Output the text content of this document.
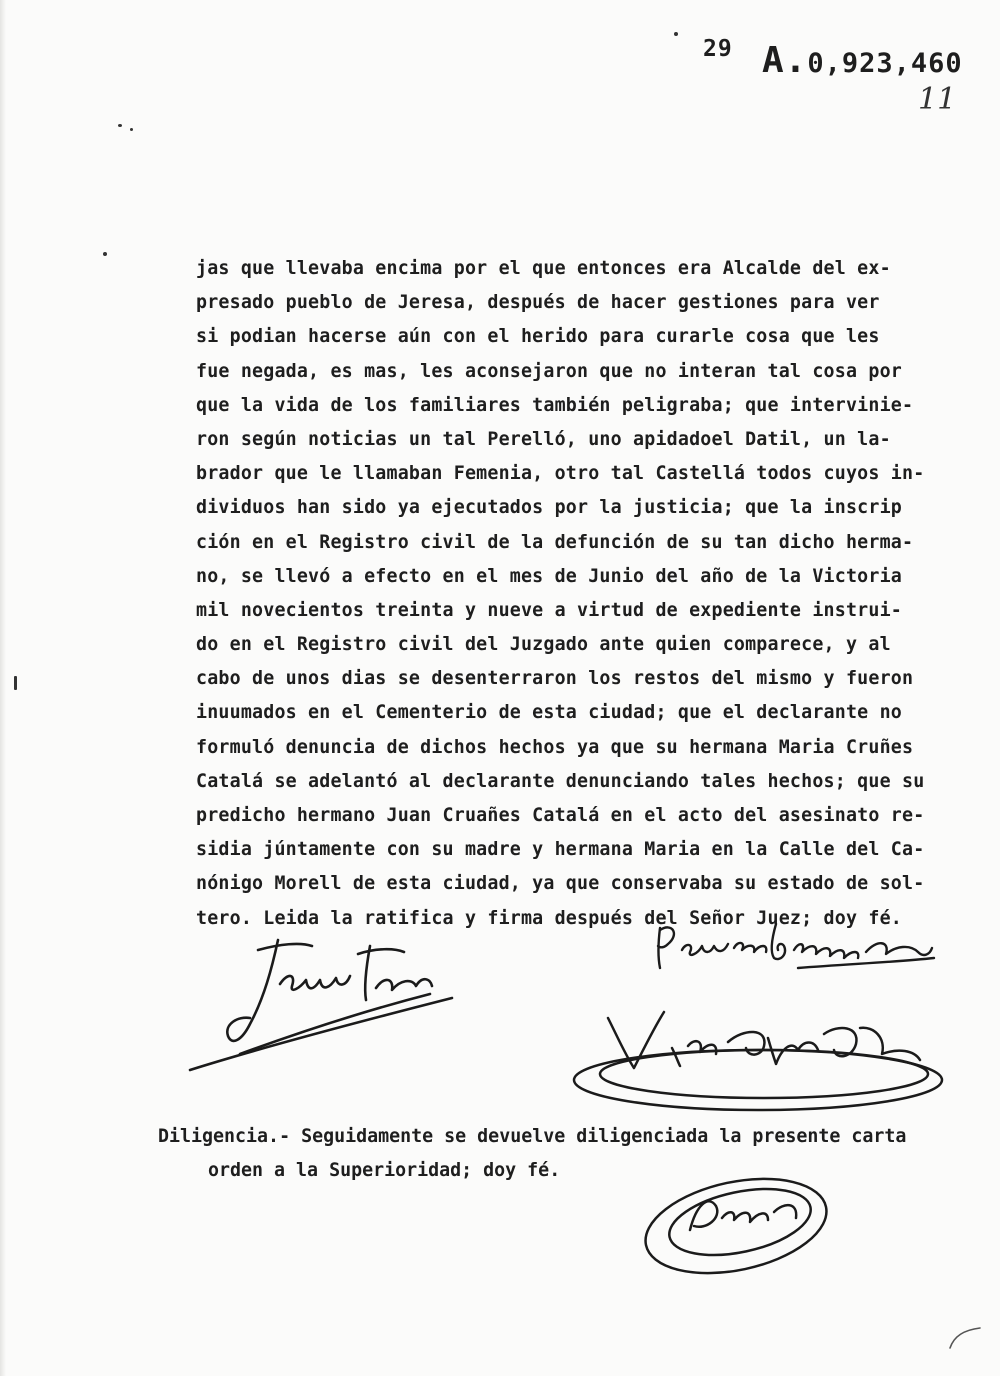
29 A.0,923,460
11
jas que llevaba encima por el que entonces era Alcalde del ex-
presado pueblo de Jeresa, después de hacer gestiones para ver
si podian hacerse aún con el herido para curarle cosa que les
fue negada, es mas, les aconsejaron que no interan tal cosa por
que la vida de los familiares también peligraba; que intervinie-
ron según noticias un tal Perelló, uno apidadoel Datil, un la-
brador que le llamaban Femenia, otro tal Castellá todos cuyos in-
dividuos han sido ya ejecutados por la justicia; que la inscrip
ción en el Registro civil de la defunción de su tan dicho herma-
no, se llevó a efecto en el mes de Junio del año de la Victoria
mil novecientos treinta y nueve a virtud de expediente instrui-
do en el Registro civil del Juzgado ante quien comparece, y al
cabo de unos dias se desenterraron los restos del mismo y fueron
inuumados en el Cementerio de esta ciudad; que el declarante no
formuló denuncia de dichos hechos ya que su hermana Maria Cruñes
Catalá se adelantó al declarante denunciando tales hechos; que su
predicho hermano Juan Cruañes Catalá en el acto del asesinato re-
sidia júntamente con su madre y hermana Maria en la Calle del Ca-
nónigo Morell de esta ciudad, ya que conservaba su estado de sol-
tero. Leida la ratifica y firma después del Señor Juez; doy fé.
Diligencia.- Seguidamente se devuelve diligenciada la presente carta
orden a la Superioridad; doy fé.
